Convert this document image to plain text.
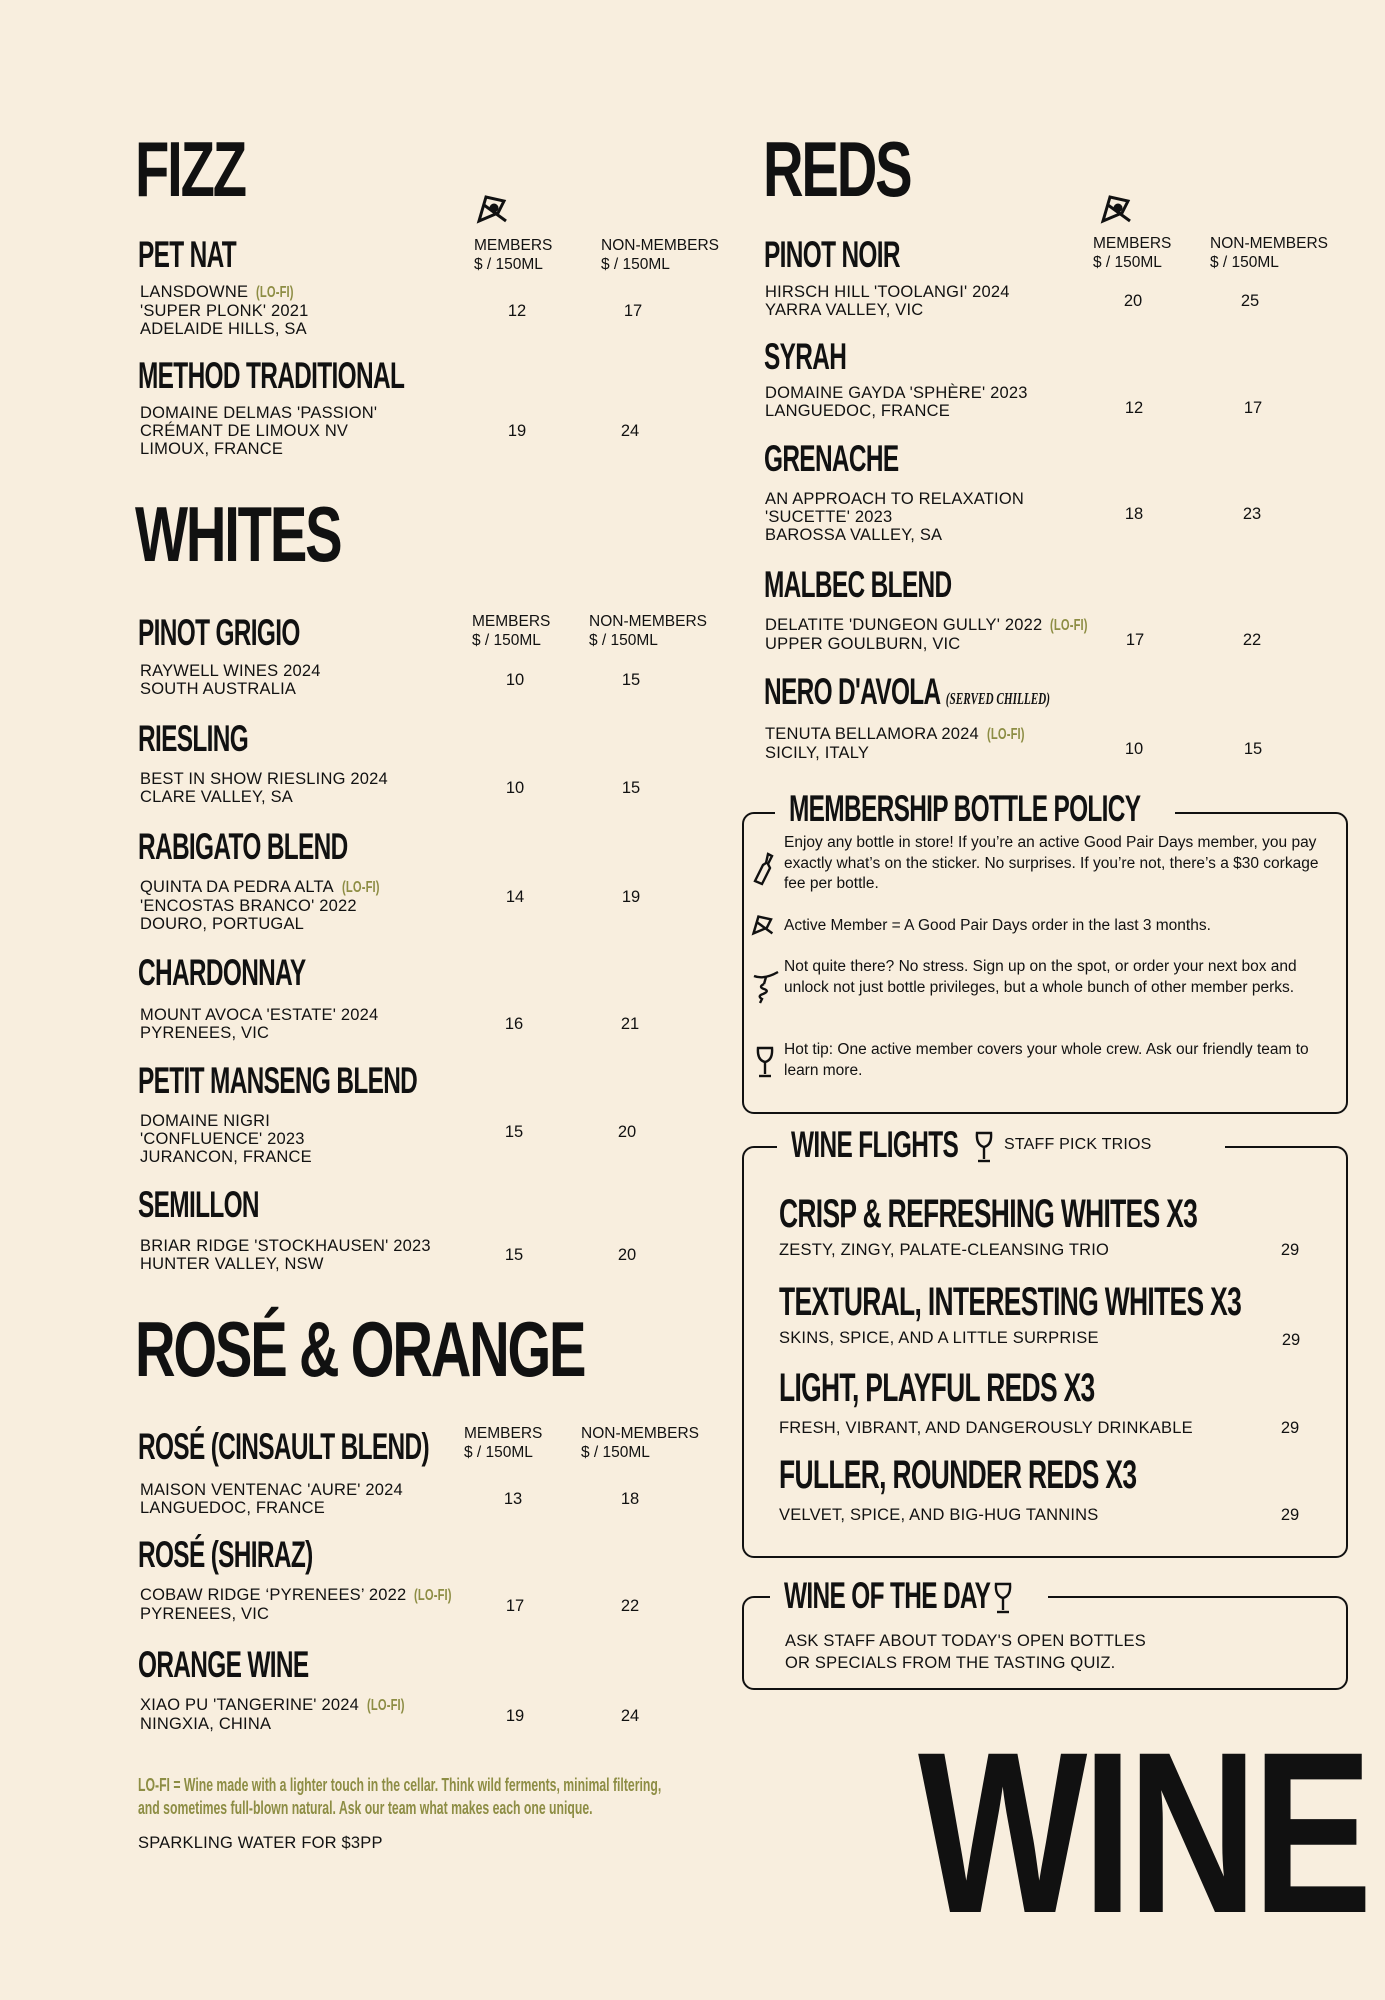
FIZZ
MEMBERS
$ / 150ML
NON-MEMBERS
$ / 150ML
PET NAT
LANSDOWNE (LO-FI)
'SUPER PLONK' 2021
ADELAIDE HILLS, SA
12	17
METHOD TRADITIONAL
DOMAINE DELMAS 'PASSION'
CRÉMANT DE LIMOUX NV
LIMOUX, FRANCE
19	24
WHITES
MEMBERS
$ / 150ML
NON-MEMBERS
$ / 150ML
PINOT GRIGIO
RAYWELL WINES 2024
SOUTH AUSTRALIA	10	15
RIESLING
BEST IN SHOW RIESLING 2024
CLARE VALLEY, SA	10	15
RABIGATO BLEND
QUINTA DA PEDRA ALTA (LO-FI)
'ENCOSTAS BRANCO' 2022
DOURO, PORTUGAL
14	19
CHARDONNAY
MOUNT AVOCA 'ESTATE' 2024
PYRENEES, VIC	16	21
PETIT MANSENG BLEND
DOMAINE NIGRI
'CONFLUENCE' 2023
JURANCON, FRANCE
15	20
SEMILLON
BRIAR RIDGE 'STOCKHAUSEN' 2023
HUNTER VALLEY, NSW	15	20
ROSÉ & ORANGE
MEMBERS
$ / 150ML
NON-MEMBERS
$ / 150ML
ROSÉ (CINSAULT BLEND)
MAISON VENTENAC 'AURE' 2024
LANGUEDOC, FRANCE	13	18
ROSÉ (SHIRAZ)
COBAW RIDGE ‘PYRENEES’ 2022 (LO-FI)
PYRENEES, VIC	17	22
ORANGE WINE
XIAO PU 'TANGERINE' 2024 (LO-FI)
NINGXIA, CHINA	19	24
LO-FI = Wine made with a lighter touch in the cellar. Think wild ferments, minimal filtering,
and sometimes full-blown natural. Ask our team what makes each one unique.
SPARKLING WATER FOR $3PP
REDS
MEMBERS
$ / 150ML
NON-MEMBERS
$ / 150ML
PINOT NOIR
HIRSCH HILL 'TOOLANGI' 2024
YARRA VALLEY, VIC	20	25
SYRAH
DOMAINE GAYDA 'SPHÈRE' 2023
LANGUEDOC, FRANCE	12	17
GRENACHE
AN APPROACH TO RELAXATION
'SUCETTE' 2023
BAROSSA VALLEY, SA
18	23
MALBEC BLEND
DELATITE 'DUNGEON GULLY' 2022 (LO-FI)
UPPER GOULBURN, VIC	17	22
NERO D'AVOLA (SERVED CHILLED)
TENUTA BELLAMORA 2024 (LO-FI)
SICILY, ITALY	10	15
MEMBERSHIP BOTTLE POLICY
Enjoy any bottle in store! If you’re an active Good Pair Days member, you pay exactly what’s on the sticker. No surprises. If you’re not, there’s a $30 corkage fee per bottle.
Active Member = A Good Pair Days order in the last 3 months.
Not quite there? No stress. Sign up on the spot, or order your next box and unlock not just bottle privileges, but a whole bunch of other member perks.
Hot tip: One active member covers your whole crew. Ask our friendly team to learn more.
WINE FLIGHTS	STAFF PICK TRIOS
CRISP & REFRESHING WHITES X3
ZESTY, ZINGY, PALATE-CLEANSING TRIO	29
TEXTURAL, INTERESTING WHITES X3
SKINS, SPICE, AND A LITTLE SURPRISE	29
LIGHT, PLAYFUL REDS X3
FRESH, VIBRANT, AND DANGEROUSLY DRINKABLE	29
FULLER, ROUNDER REDS X3
VELVET, SPICE, AND BIG-HUG TANNINS	29
WINE OF THE DAY
ASK STAFF ABOUT TODAY'S OPEN BOTTLES
OR SPECIALS FROM THE TASTING QUIZ.
WINE
